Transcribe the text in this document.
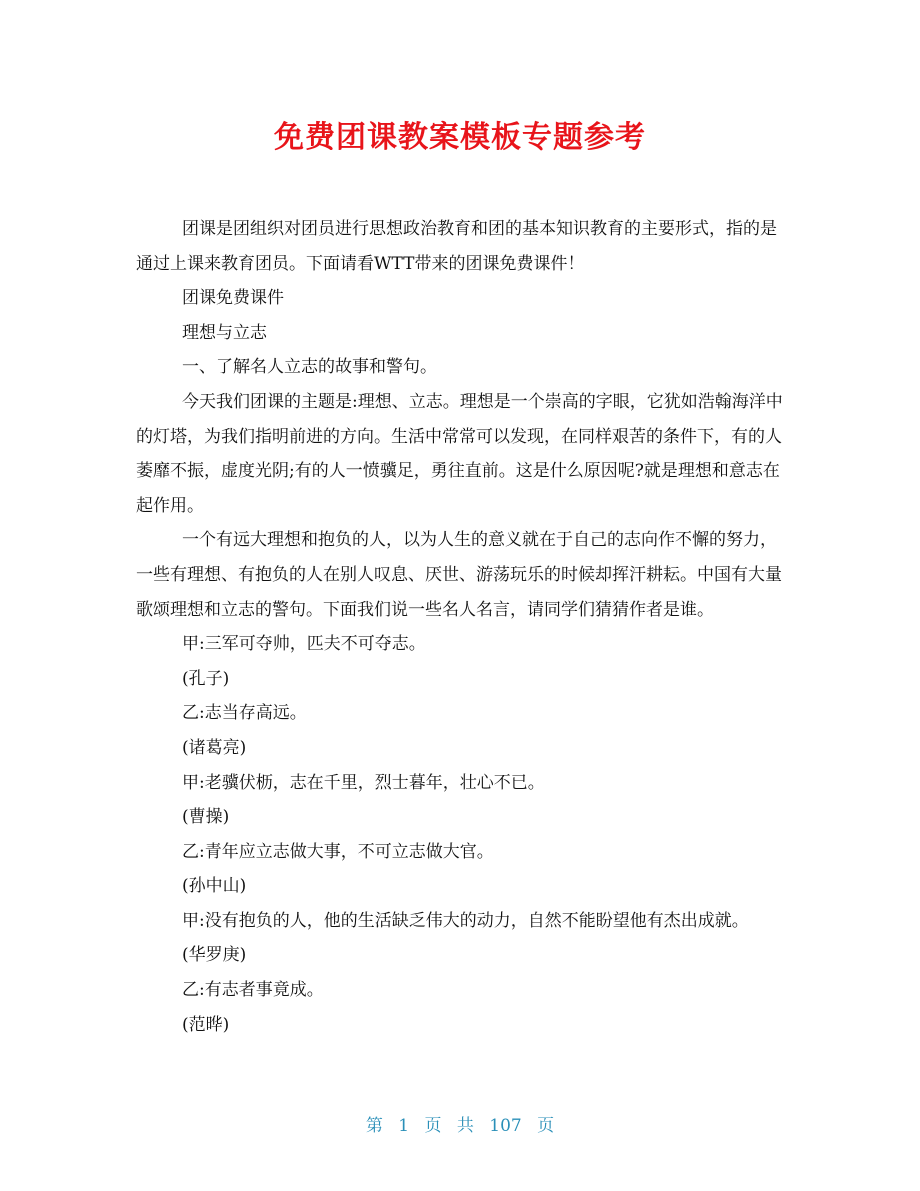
免费团课教案模板专题参考

团课是团组织对团员进行思想政治教育和团的基本知识教育的主要形式，指的是通过上课来教育团员。下面请看WTT带来的团课免费课件！

团课免费课件

理想与立志

一、了解名人立志的故事和警句。

今天我们团课的主题是:理想、立志。理想是一个崇高的字眼，它犹如浩翰海洋中的灯塔，为我们指明前进的方向。生活中常常可以发现，在同样艰苦的条件下，有的人萎靡不振，虚度光阴;有的人一愤骥足，勇往直前。这是什么原因呢?就是理想和意志在起作用。

一个有远大理想和抱负的人，以为人生的意义就在于自己的志向作不懈的努力，一些有理想、有抱负的人在别人叹息、厌世、游荡玩乐的时候却挥汗耕耘。中国有大量歌颂理想和立志的警句。下面我们说一些名人名言，请同学们猜猜作者是谁。

甲:三军可夺帅，匹夫不可夺志。

(孔子)

乙:志当存高远。

(诸葛亮)

甲:老骥伏枥，志在千里，烈士暮年，壮心不已。

(曹操)

乙:青年应立志做大事，不可立志做大官。

(孙中山)

甲:没有抱负的人，他的生活缺乏伟大的动力，自然不能盼望他有杰出成就。

(华罗庚)

乙:有志者事竟成。

(范晔)

第 1 页 共 107 页
